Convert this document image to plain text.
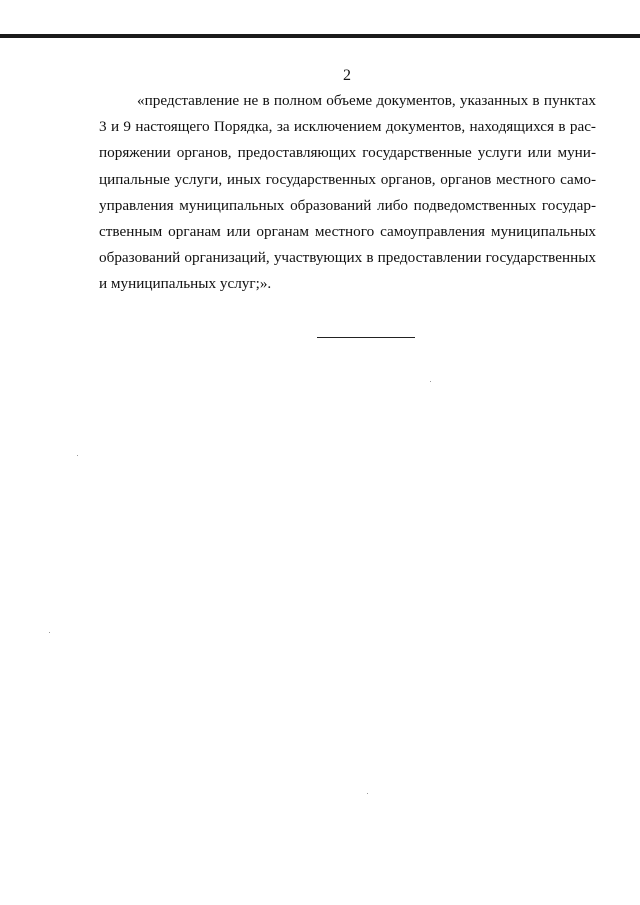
2
«представление не в полном объеме документов, указанных в пунктах
3 и 9 настоящего Порядка, за исключением документов, находящихся в рас-
поряжении органов, предоставляющих государственные услуги или муни-
ципальные услуги, иных государственных органов, органов местного само-
управления муниципальных образований либо подведомственных государ-
ственным органам или органам местного самоуправления муниципальных
образований организаций, участвующих в предоставлении государственных
и муниципальных услуг;».
